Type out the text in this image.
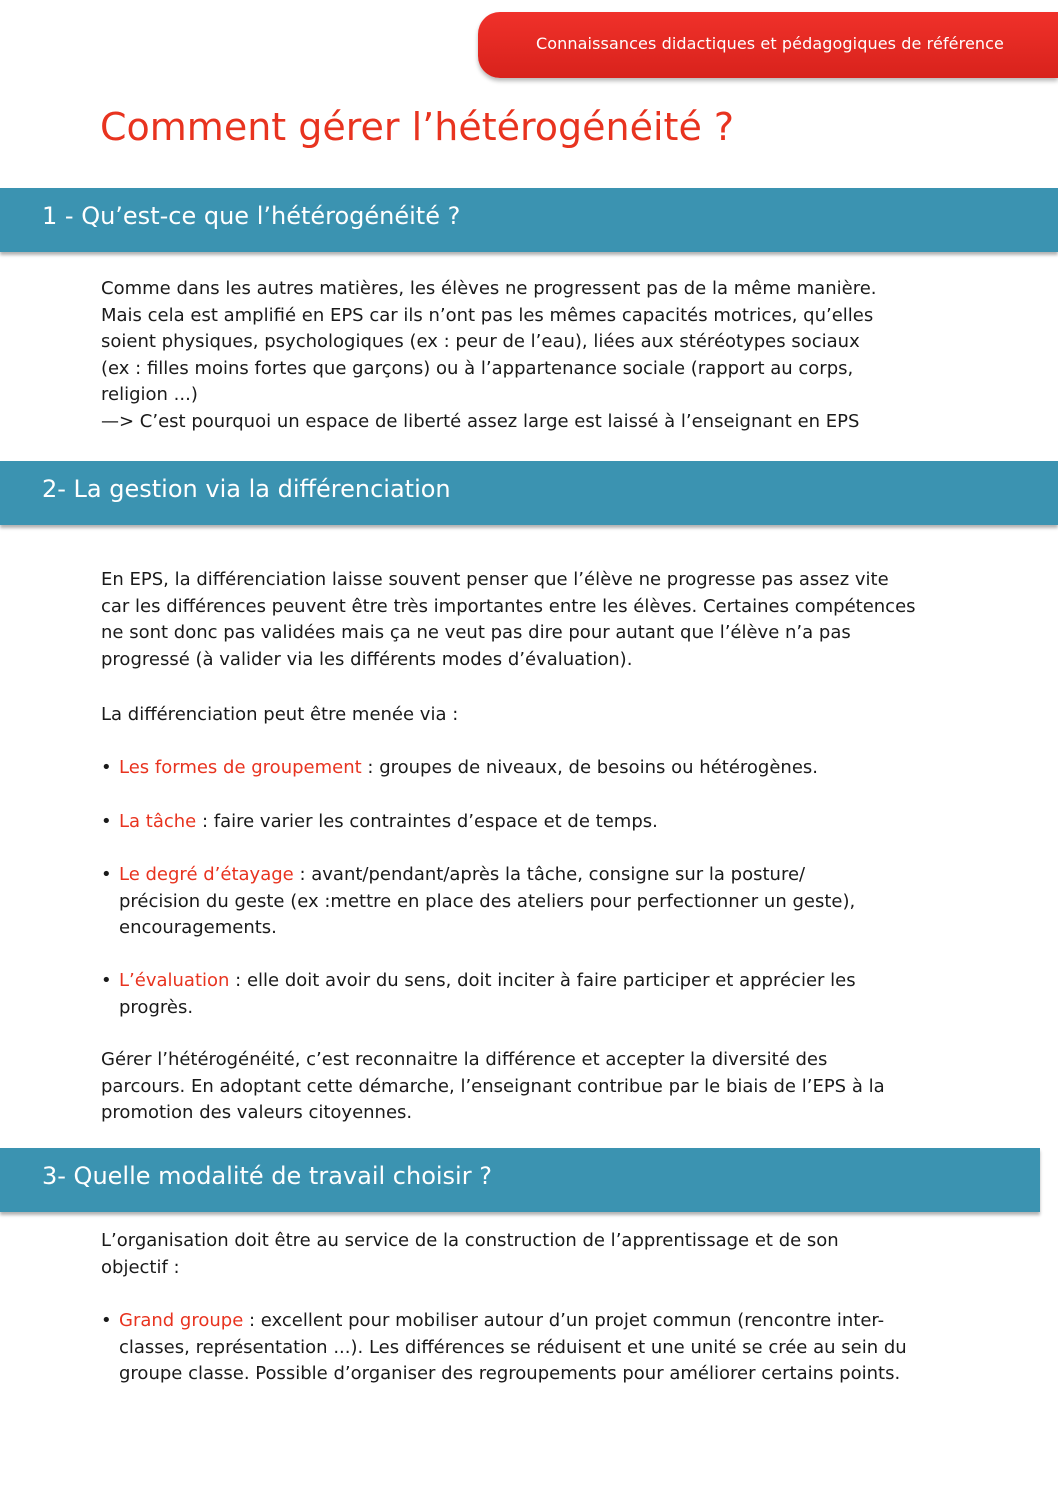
Connaissances didactiques et pédagogiques de référence
Comment gérer l’hétérogénéité ?
1 - Qu’est-ce que l’hétérogénéité ?

Comme dans les autres matières, les élèves ne progressent pas de la même manière.
Mais cela est amplifié en EPS car ils n’ont pas les mêmes capacités motrices, qu’elles
soient physiques, psychologiques (ex : peur de l’eau), liées aux stéréotypes sociaux
(ex : filles moins fortes que garçons) ou à l’appartenance sociale (rapport au corps,
religion ...)
—> C’est pourquoi un espace de liberté assez large est laissé à l’enseignant en EPS

2- La gestion via la différenciation

En EPS, la différenciation laisse souvent penser que l’élève ne progresse pas assez vite
car les différences peuvent être très importantes entre les élèves. Certaines compétences
ne sont donc pas validées mais ça ne veut pas dire pour autant que l’élève n’a pas
progressé (à valider via les différents modes d’évaluation).

La différenciation peut être menée via :

• Les formes de groupement : groupes de niveaux, de besoins ou hétérogènes.
• La tâche : faire varier les contraintes d’espace et de temps.
• Le degré d’étayage : avant/pendant/après la tâche, consigne sur la posture/
précision du geste (ex :mettre en place des ateliers pour perfectionner un geste),
encouragements.
• L’évaluation : elle doit avoir du sens, doit inciter à faire participer et apprécier les
progrès.

Gérer l’hétérogénéité, c’est reconnaitre la différence et accepter la diversité des
parcours. En adoptant cette démarche, l’enseignant contribue par le biais de l’EPS à la
promotion des valeurs citoyennes.

3- Quelle modalité de travail choisir ?

L’organisation doit être au service de la construction de l’apprentissage et de son
objectif :

• Grand groupe : excellent pour mobiliser autour d’un projet commun (rencontre inter-
classes, représentation ...). Les différences se réduisent et une unité se crée au sein du
groupe classe. Possible d’organiser des regroupements pour améliorer certains points.
